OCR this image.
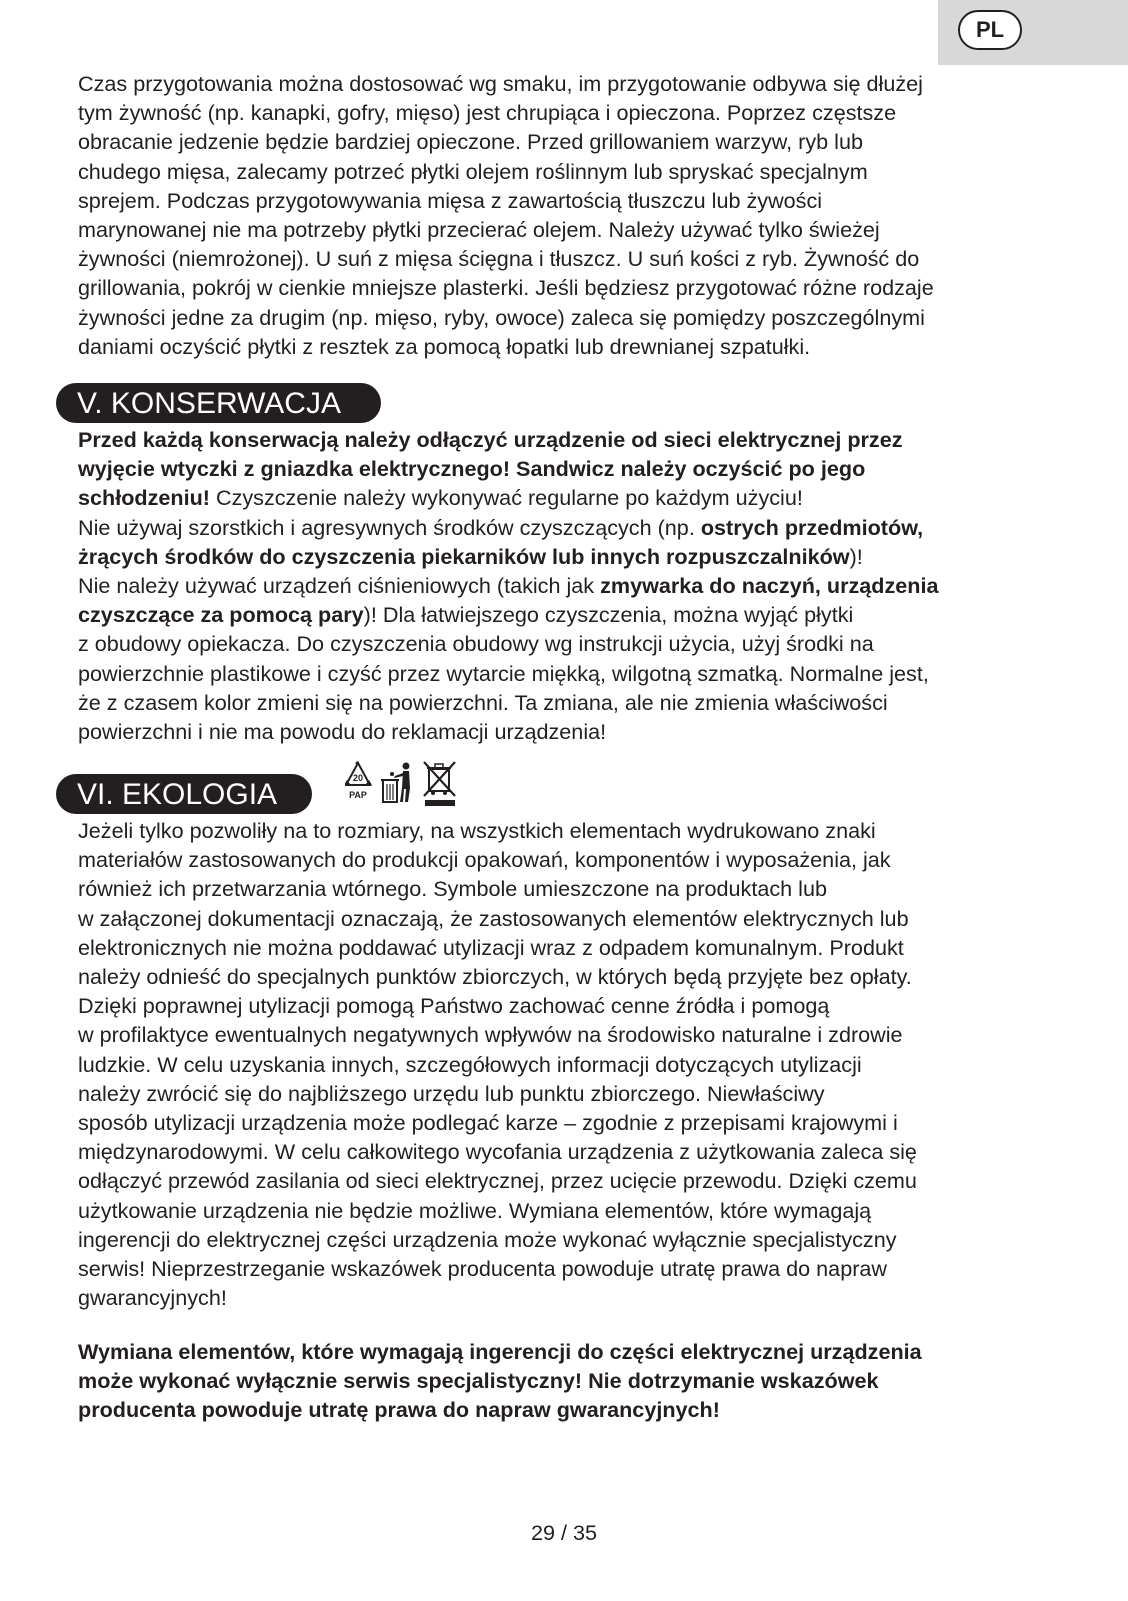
PL
Czas przygotowania można dostosować wg smaku, im przygotowanie odbywa się dłużej
tym żywność (np. kanapki, gofry, mięso) jest chrupiąca i opieczona. Poprzez częstsze
obracanie jedzenie będzie bardziej opieczone. Przed grillowaniem warzyw, ryb lub
chudego mięsa, zalecamy potrzeć płytki olejem roślinnym lub spryskać specjalnym
sprejem. Podczas przygotowywania mięsa z zawartością tłuszczu lub żywości
marynowanej nie ma potrzeby płytki przecierać olejem. Należy używać tylko świeżej
żywności (niemrożonej). U suń z mięsa ścięgna i tłuszcz. U suń kości z ryb. Żywność do
grillowania, pokrój w cienkie mniejsze plasterki. Jeśli będziesz przygotować różne rodzaje
żywności jedne za drugim (np. mięso, ryby, owoce) zaleca się pomiędzy poszczególnymi
daniami oczyścić płytki z resztek za pomocą łopatki lub drewnianej szpatułki.
V. KONSERWACJA
Przed każdą konserwacją należy odłączyć urządzenie od sieci elektrycznej przez
wyjęcie wtyczki z gniazdka elektrycznego! Sandwicz należy oczyścić po jego
schłodzeniu! Czyszczenie należy wykonywać regularne po każdym użyciu!
Nie używaj szorstkich i agresywnych środków czyszczących (np. ostrych przedmiotów,
żrących środków do czyszczenia piekarników lub innych rozpuszczalników)!
Nie należy używać urządzeń ciśnieniowych (takich jak zmywarka do naczyń, urządzenia
czyszczące za pomocą pary)! Dla łatwiejszego czyszczenia, można wyjąć płytki
z obudowy opiekacza. Do czyszczenia obudowy wg instrukcji użycia, użyj środki na
powierzchnie plastikowe i czyść przez wytarcie miękką, wilgotną szmatką. Normalne jest,
że z czasem kolor zmieni się na powierzchni. Ta zmiana, ale nie zmienia właściwości
powierzchni i nie ma powodu do reklamacji urządzenia!
VI. EKOLOGIA	20
PAP
Jeżeli tylko pozwoliły na to rozmiary, na wszystkich elementach wydrukowano znaki
materiałów zastosowanych do produkcji opakowań, komponentów i wyposażenia, jak
również ich przetwarzania wtórnego. Symbole umieszczone na produktach lub
w załączonej dokumentacji oznaczają, że zastosowanych elementów elektrycznych lub
elektronicznych nie można poddawać utylizacji wraz z odpadem komunalnym. Produkt
należy odnieść do specjalnych punktów zbiorczych, w których będą przyjęte bez opłaty.
Dzięki poprawnej utylizacji pomogą Państwo zachować cenne źródła i pomogą
w profilaktyce ewentualnych negatywnych wpływów na środowisko naturalne i zdrowie
ludzkie. W celu uzyskania innych, szczegółowych informacji dotyczących utylizacji
należy zwrócić się do najbliższego urzędu lub punktu zbiorczego. Niewłaściwy
sposób utylizacji urządzenia może podlegać karze – zgodnie z przepisami krajowymi i
międzynarodowymi. W celu całkowitego wycofania urządzenia z użytkowania zaleca się
odłączyć przewód zasilania od sieci elektrycznej, przez ucięcie przewodu. Dzięki czemu
użytkowanie urządzenia nie będzie możliwe. Wymiana elementów, które wymagają
ingerencji do elektrycznej części urządzenia może wykonać wyłącznie specjalistyczny
serwis! Nieprzestrzeganie wskazówek producenta powoduje utratę prawa do napraw
gwarancyjnych!
Wymiana elementów, które wymagają ingerencji do części elektrycznej urządzenia
może wykonać wyłącznie serwis specjalistyczny! Nie dotrzymanie wskazówek
producenta powoduje utratę prawa do napraw gwarancyjnych!
29 / 35
